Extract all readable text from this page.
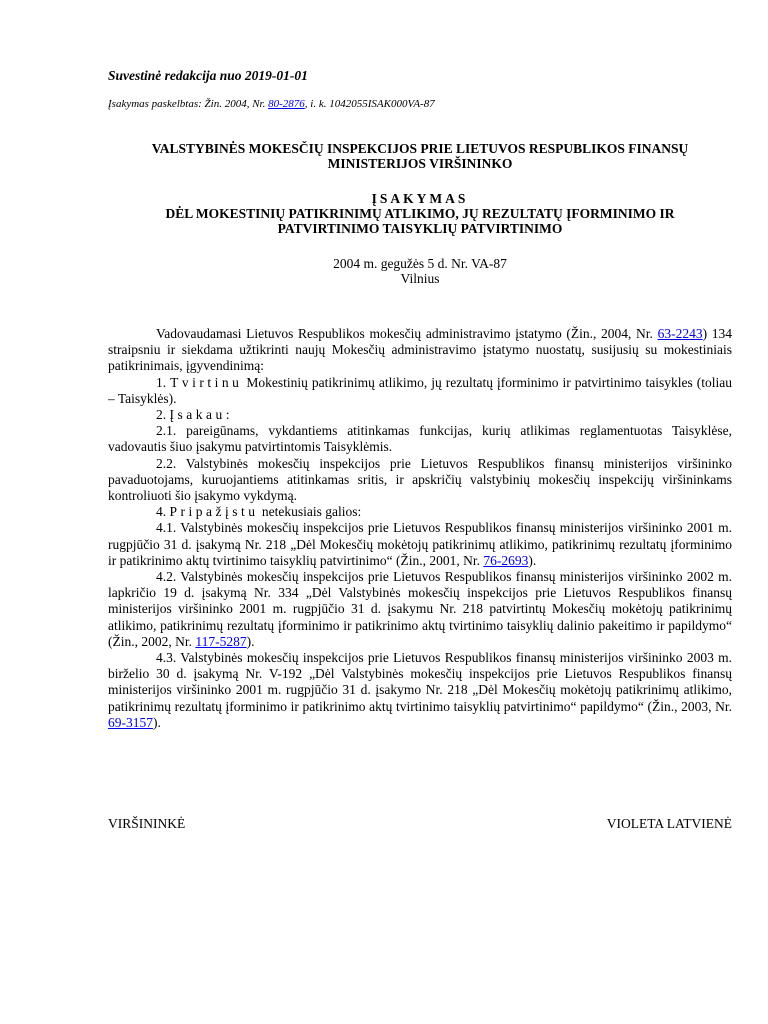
Suvestinė redakcija nuo 2019-01-01

Įsakymas paskelbtas: Žin. 2004, Nr. 80-2876, i. k. 1042055ISAK000VA-87

VALSTYBINĖS MOKESČIŲ INSPEKCIJOS PRIE LIETUVOS RESPUBLIKOS FINANSŲ
MINISTERIJOS VIRŠININKO
ĮSAKYMAS
DĖL MOKESTINIŲ PATIKRINIMŲ ATLIKIMO, JŲ REZULTATŲ ĮFORMINIMO IR
PATVIRTINIMO TAISYKLIŲ PATVIRTINIMO
2004 m. gegužės 5 d. Nr. VA-87
Vilnius

Vadovaudamasi Lietuvos Respublikos mokesčių administravimo įstatymo (Žin., 2004, Nr. 63-2243) 134 straipsniu ir siekdama užtikrinti naujų Mokesčių administravimo įstatymo nuostatų, susijusių su mokestiniais patikrinimais, įgyvendinimą:

1. Tvirtinu Mokestinių patikrinimų atlikimo, jų rezultatų įforminimo ir patvirtinimo taisykles (toliau – Taisyklės).

2. Įsakau:

2.1. pareigūnams, vykdantiems atitinkamas funkcijas, kurių atlikimas reglamentuotas Taisyklėse, vadovautis šiuo įsakymu patvirtintomis Taisyklėmis.

2.2. Valstybinės mokesčių inspekcijos prie Lietuvos Respublikos finansų ministerijos viršininko pavaduotojams, kuruojantiems atitinkamas sritis, ir apskričių valstybinių mokesčių inspekcijų viršininkams kontroliuoti šio įsakymo vykdymą.

4. Pripažįstu netekusiais galios:

4.1. Valstybinės mokesčių inspekcijos prie Lietuvos Respublikos finansų ministerijos viršininko 2001 m. rugpjūčio 31 d. įsakymą Nr. 218 „Dėl Mokesčių mokėtojų patikrinimų atlikimo, patikrinimų rezultatų įforminimo ir patikrinimo aktų tvirtinimo taisyklių patvirtinimo“ (Žin., 2001, Nr. 76-2693).

4.2. Valstybinės mokesčių inspekcijos prie Lietuvos Respublikos finansų ministerijos viršininko 2002 m. lapkričio 19 d. įsakymą Nr. 334 „Dėl Valstybinės mokesčių inspekcijos prie Lietuvos Respublikos finansų ministerijos viršininko 2001 m. rugpjūčio 31 d. įsakymu Nr. 218 patvirtintų Mokesčių mokėtojų patikrinimų atlikimo, patikrinimų rezultatų įforminimo ir patikrinimo aktų tvirtinimo taisyklių dalinio pakeitimo ir papildymo“ (Žin., 2002, Nr. 117-5287).

4.3. Valstybinės mokesčių inspekcijos prie Lietuvos Respublikos finansų ministerijos viršininko 2003 m. birželio 30 d. įsakymą Nr. V-192 „Dėl Valstybinės mokesčių inspekcijos prie Lietuvos Respublikos finansų ministerijos viršininko 2001 m. rugpjūčio 31 d. įsakymo Nr. 218 „Dėl Mokesčių mokėtojų patikrinimų atlikimo, patikrinimų rezultatų įforminimo ir patikrinimo aktų tvirtinimo taisyklių patvirtinimo“ papildymo“ (Žin., 2003, Nr. 69-3157).

VIRŠININKĖ	VIOLETA LATVIENĖ
